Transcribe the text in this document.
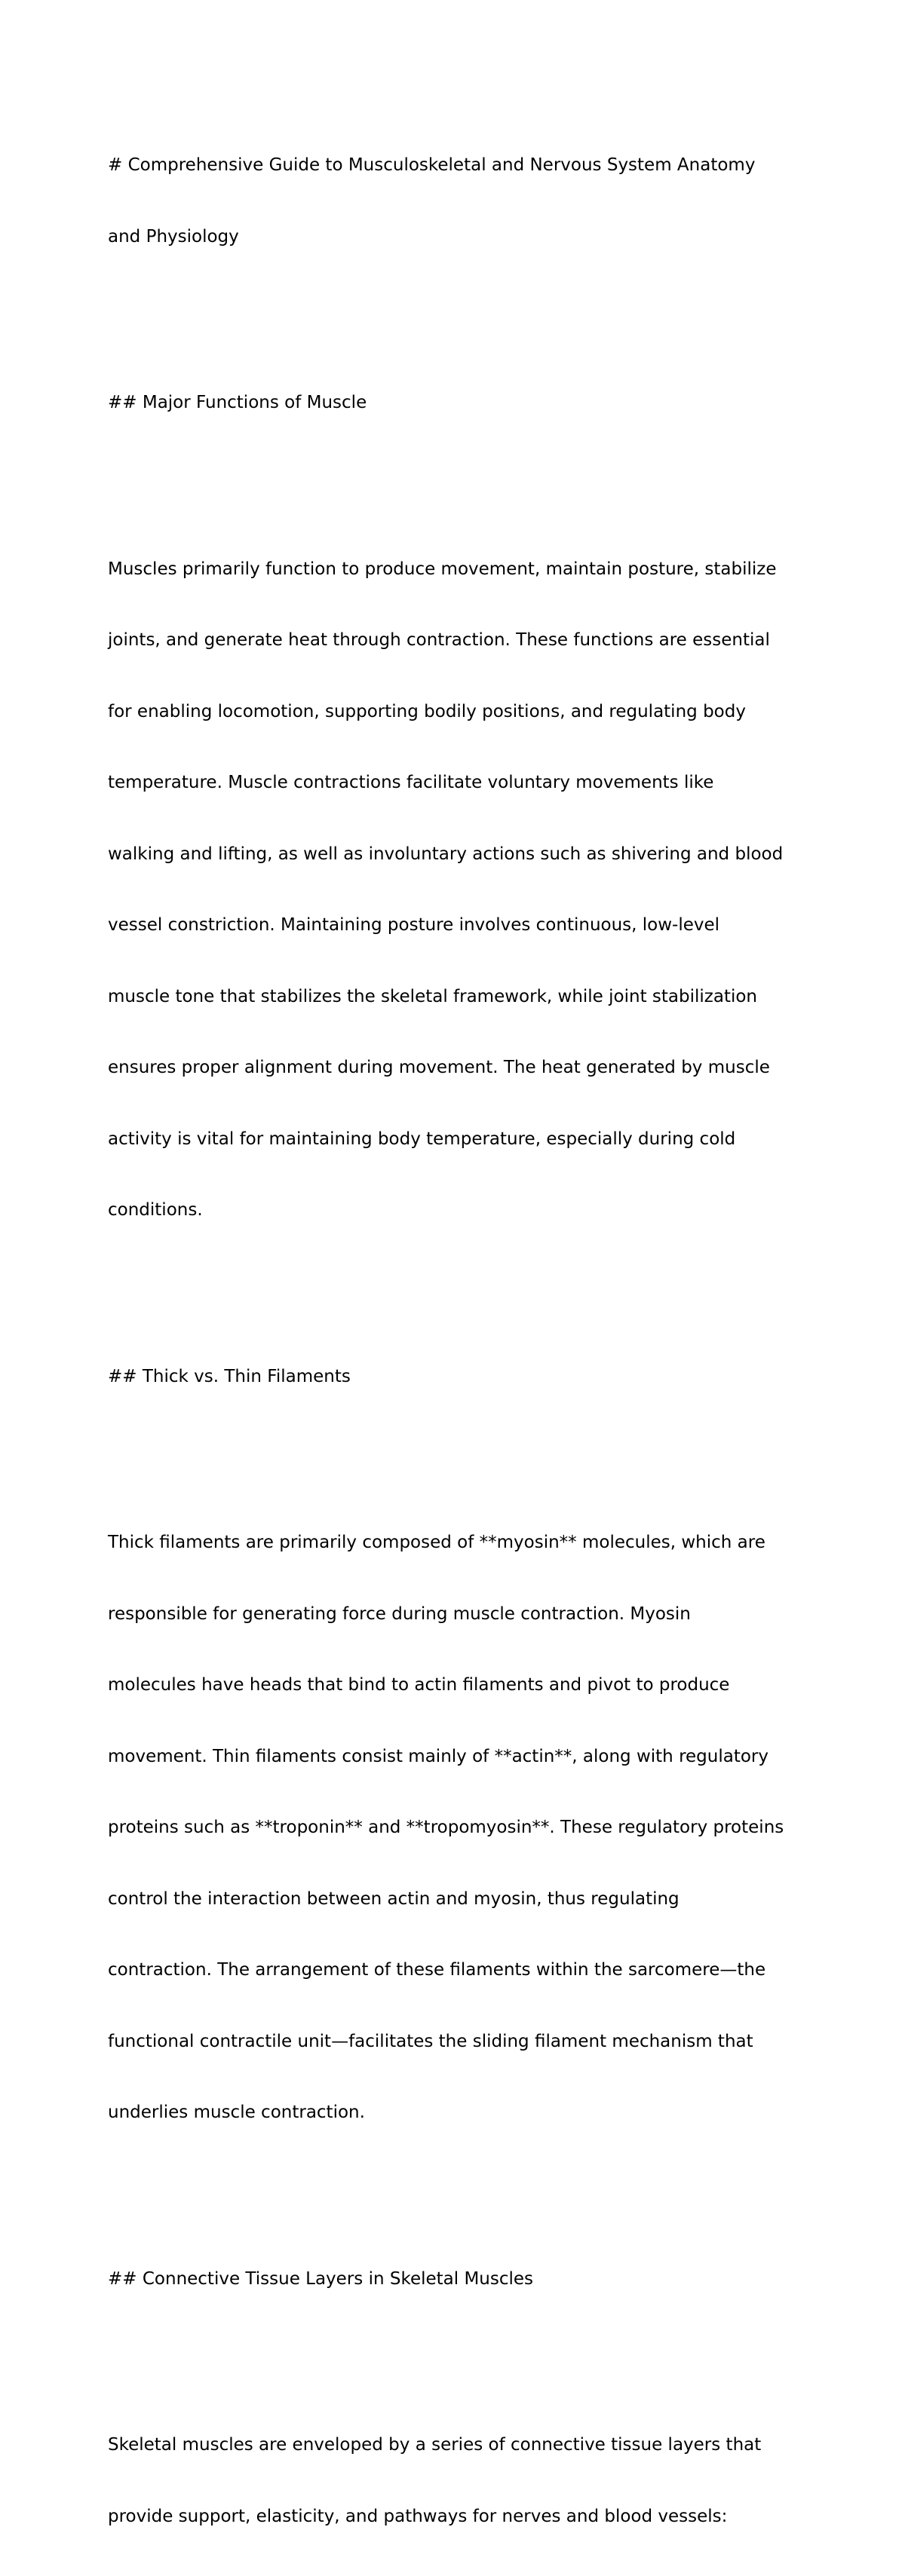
# Comprehensive Guide to Musculoskeletal and Nervous System Anatomy

and Physiology

## Major Functions of Muscle

Muscles primarily function to produce movement, maintain posture, stabilize

joints, and generate heat through contraction. These functions are essential

for enabling locomotion, supporting bodily positions, and regulating body

temperature. Muscle contractions facilitate voluntary movements like

walking and lifting, as well as involuntary actions such as shivering and blood

vessel constriction. Maintaining posture involves continuous, low-level

muscle tone that stabilizes the skeletal framework, while joint stabilization

ensures proper alignment during movement. The heat generated by muscle

activity is vital for maintaining body temperature, especially during cold

conditions.

## Thick vs. Thin Filaments

Thick filaments are primarily composed of **myosin** molecules, which are

responsible for generating force during muscle contraction. Myosin

molecules have heads that bind to actin filaments and pivot to produce

movement. Thin filaments consist mainly of **actin**, along with regulatory

proteins such as **troponin** and **tropomyosin**. These regulatory proteins

control the interaction between actin and myosin, thus regulating

contraction. The arrangement of these filaments within the sarcomere—the

functional contractile unit—facilitates the sliding filament mechanism that

underlies muscle contraction.

## Connective Tissue Layers in Skeletal Muscles

Skeletal muscles are enveloped by a series of connective tissue layers that

provide support, elasticity, and pathways for nerves and blood vessels:
